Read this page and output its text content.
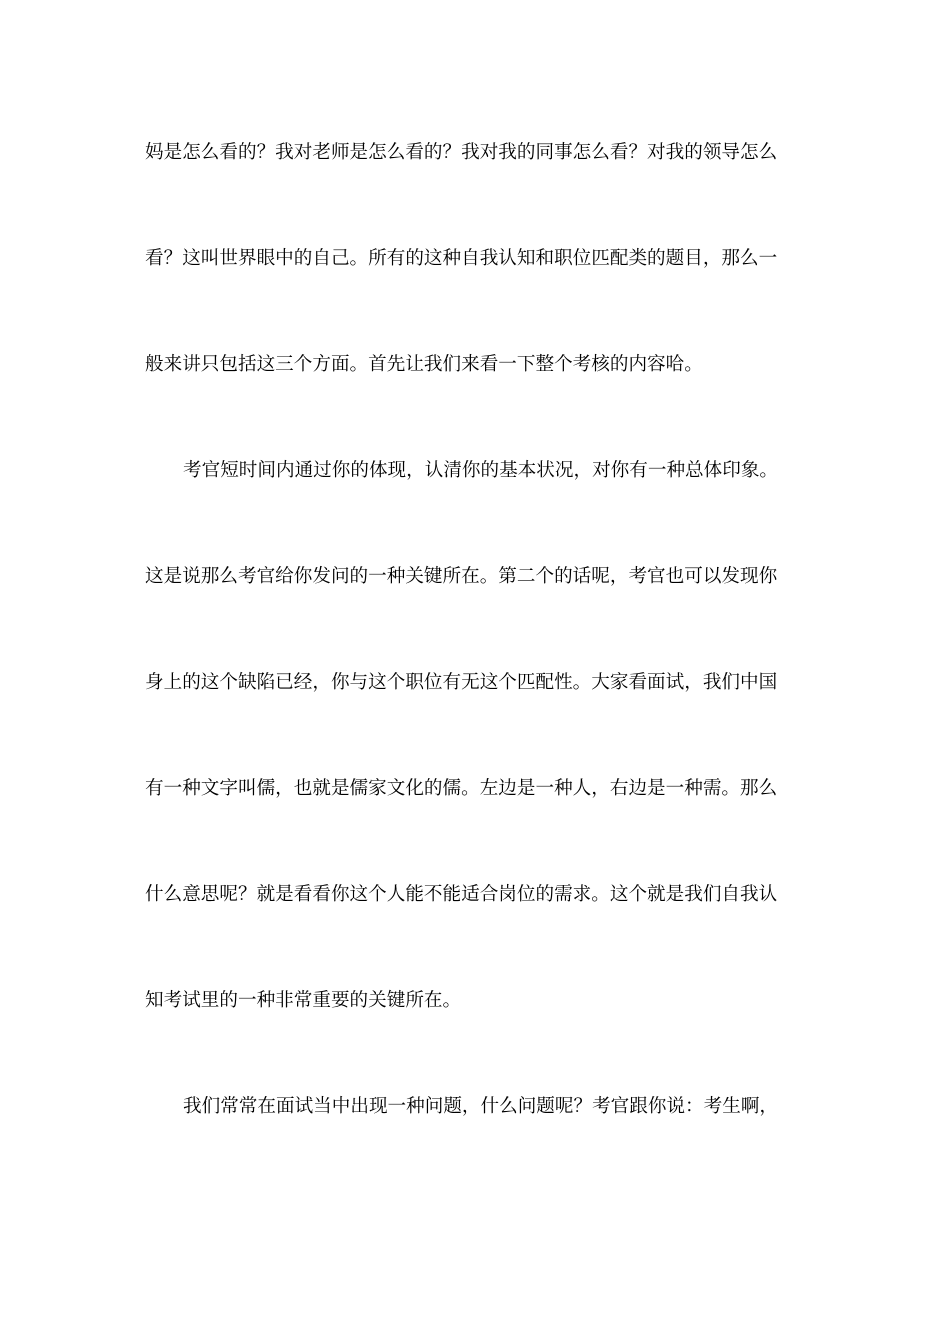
妈是怎么看的？我对老师是怎么看的？我对我的同事怎么看？对我的领导怎么
看？这叫世界眼中的自己。所有的这种自我认知和职位匹配类的题目，那么一
般来讲只包括这三个方面。首先让我们来看一下整个考核的内容哈。
考官短时间内通过你的体现，认清你的基本状况，对你有一种总体印象。
这是说那么考官给你发问的一种关键所在。第二个的话呢，考官也可以发现你
身上的这个缺陷已经，你与这个职位有无这个匹配性。大家看面试，我们中国
有一种文字叫儒，也就是儒家文化的儒。左边是一种人，右边是一种需。那么
什么意思呢？就是看看你这个人能不能适合岗位的需求。这个就是我们自我认
知考试里的一种非常重要的关键所在。
我们常常在面试当中出现一种问题，什么问题呢？考官跟你说：考生啊，
